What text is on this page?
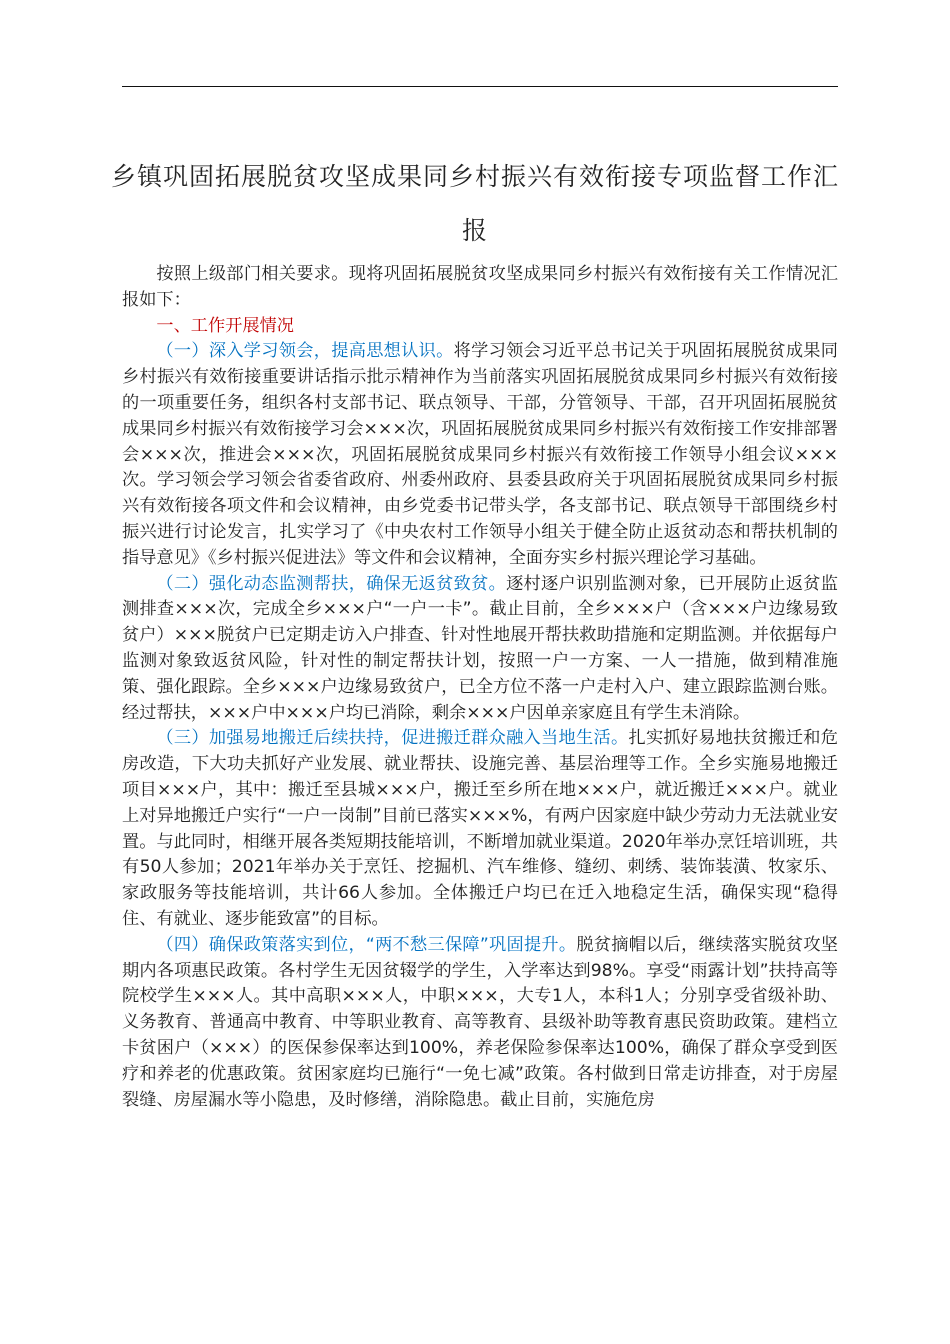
乡镇巩固拓展脱贫攻坚成果同乡村振兴有效衔接专项监督工作汇报

按照上级部门相关要求。现将巩固拓展脱贫攻坚成果同乡村振兴有效衔接有关工作情况汇报如下：

一、工作开展情况

（一）深入学习领会，提高思想认识。将学习领会习近平总书记关于巩固拓展脱贫成果同乡村振兴有效衔接重要讲话指示批示精神作为当前落实巩固拓展脱贫成果同乡村振兴有效衔接的一项重要任务，组织各村支部书记、联点领导、干部，分管领导、干部，召开巩固拓展脱贫成果同乡村振兴有效衔接学习会×××次，巩固拓展脱贫成果同乡村振兴有效衔接工作安排部署会×××次，推进会×××次，巩固拓展脱贫成果同乡村振兴有效衔接工作领导小组会议×××次。学习领会学习领会省委省政府、州委州政府、县委县政府关于巩固拓展脱贫成果同乡村振兴有效衔接各项文件和会议精神，由乡党委书记带头学，各支部书记、联点领导干部围绕乡村振兴进行讨论发言，扎实学习了《中央农村工作领导小组关于健全防止返贫动态和帮扶机制的指导意见》《乡村振兴促进法》等文件和会议精神，全面夯实乡村振兴理论学习基础。

（二）强化动态监测帮扶，确保无返贫致贫。逐村逐户识别监测对象，已开展防止返贫监测排查×××次，完成全乡×××户“一户一卡”。截止目前，全乡×××户（含×××户边缘易致贫户）×××脱贫户已定期走访入户排查、针对性地展开帮扶救助措施和定期监测。并依据每户监测对象致返贫风险，针对性的制定帮扶计划，按照一户一方案、一人一措施，做到精准施策、强化跟踪。全乡×××户边缘易致贫户，已全方位不落一户走村入户、建立跟踪监测台账。经过帮扶，×××户中×××户均已消除，剩余×××户因单亲家庭且有学生未消除。

（三）加强易地搬迁后续扶持，促进搬迁群众融入当地生活。扎实抓好易地扶贫搬迁和危房改造，下大功夫抓好产业发展、就业帮扶、设施完善、基层治理等工作。全乡实施易地搬迁项目×××户，其中：搬迁至县城×××户，搬迁至乡所在地×××户，就近搬迁×××户。就业上对异地搬迁户实行“一户一岗制”目前已落实×××%，有两户因家庭中缺少劳动力无法就业安置。与此同时，相继开展各类短期技能培训，不断增加就业渠道。2020年举办烹饪培训班，共有50人参加；2021年举办关于烹饪、挖掘机、汽车维修、缝纫、刺绣、装饰装潢、牧家乐、家政服务等技能培训，共计66人参加。全体搬迁户均已在迁入地稳定生活，确保实现“稳得住、有就业、逐步能致富”的目标。

（四）确保政策落实到位，“两不愁三保障”巩固提升。脱贫摘帽以后，继续落实脱贫攻坚期内各项惠民政策。各村学生无因贫辍学的学生，入学率达到98%。享受“雨露计划”扶持高等院校学生×××人。其中高职×××人，中职×××，大专1人，本科1人；分别享受省级补助、义务教育、普通高中教育、中等职业教育、高等教育、县级补助等教育惠民资助政策。建档立卡贫困户（×××）的医保参保率达到100%，养老保险参保率达100%，确保了群众享受到医疗和养老的优惠政策。贫困家庭均已施行“一免七减”政策。各村做到日常走访排查，对于房屋裂缝、房屋漏水等小隐患，及时修缮，消除隐患。截止目前，实施危房
